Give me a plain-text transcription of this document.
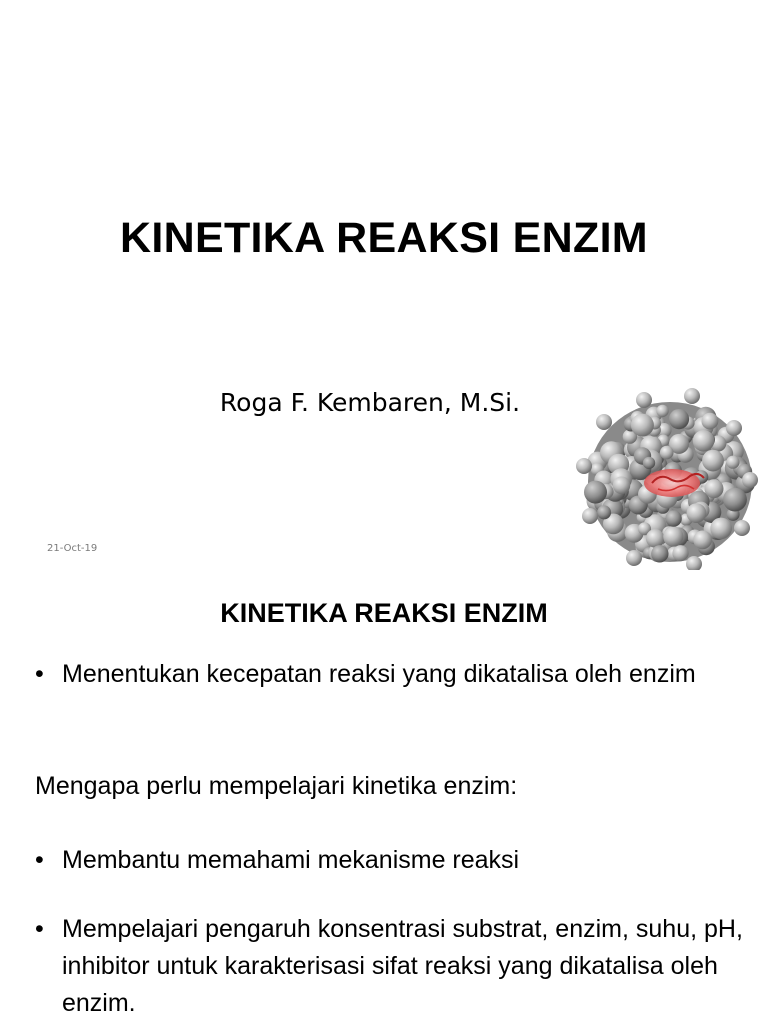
KINETIKA REAKSI ENZIM
Roga F. Kembaren, M.Si.
21-Oct-19
KINETIKA REAKSI ENZIM
• Menentukan kecepatan reaksi yang dikatalisa oleh enzim
Mengapa perlu mempelajari kinetika enzim:
• Membantu memahami mekanisme reaksi
• Mempelajari pengaruh konsentrasi substrat, enzim, suhu, pH, inhibitor untuk karakterisasi sifat reaksi yang dikatalisa oleh enzim.
